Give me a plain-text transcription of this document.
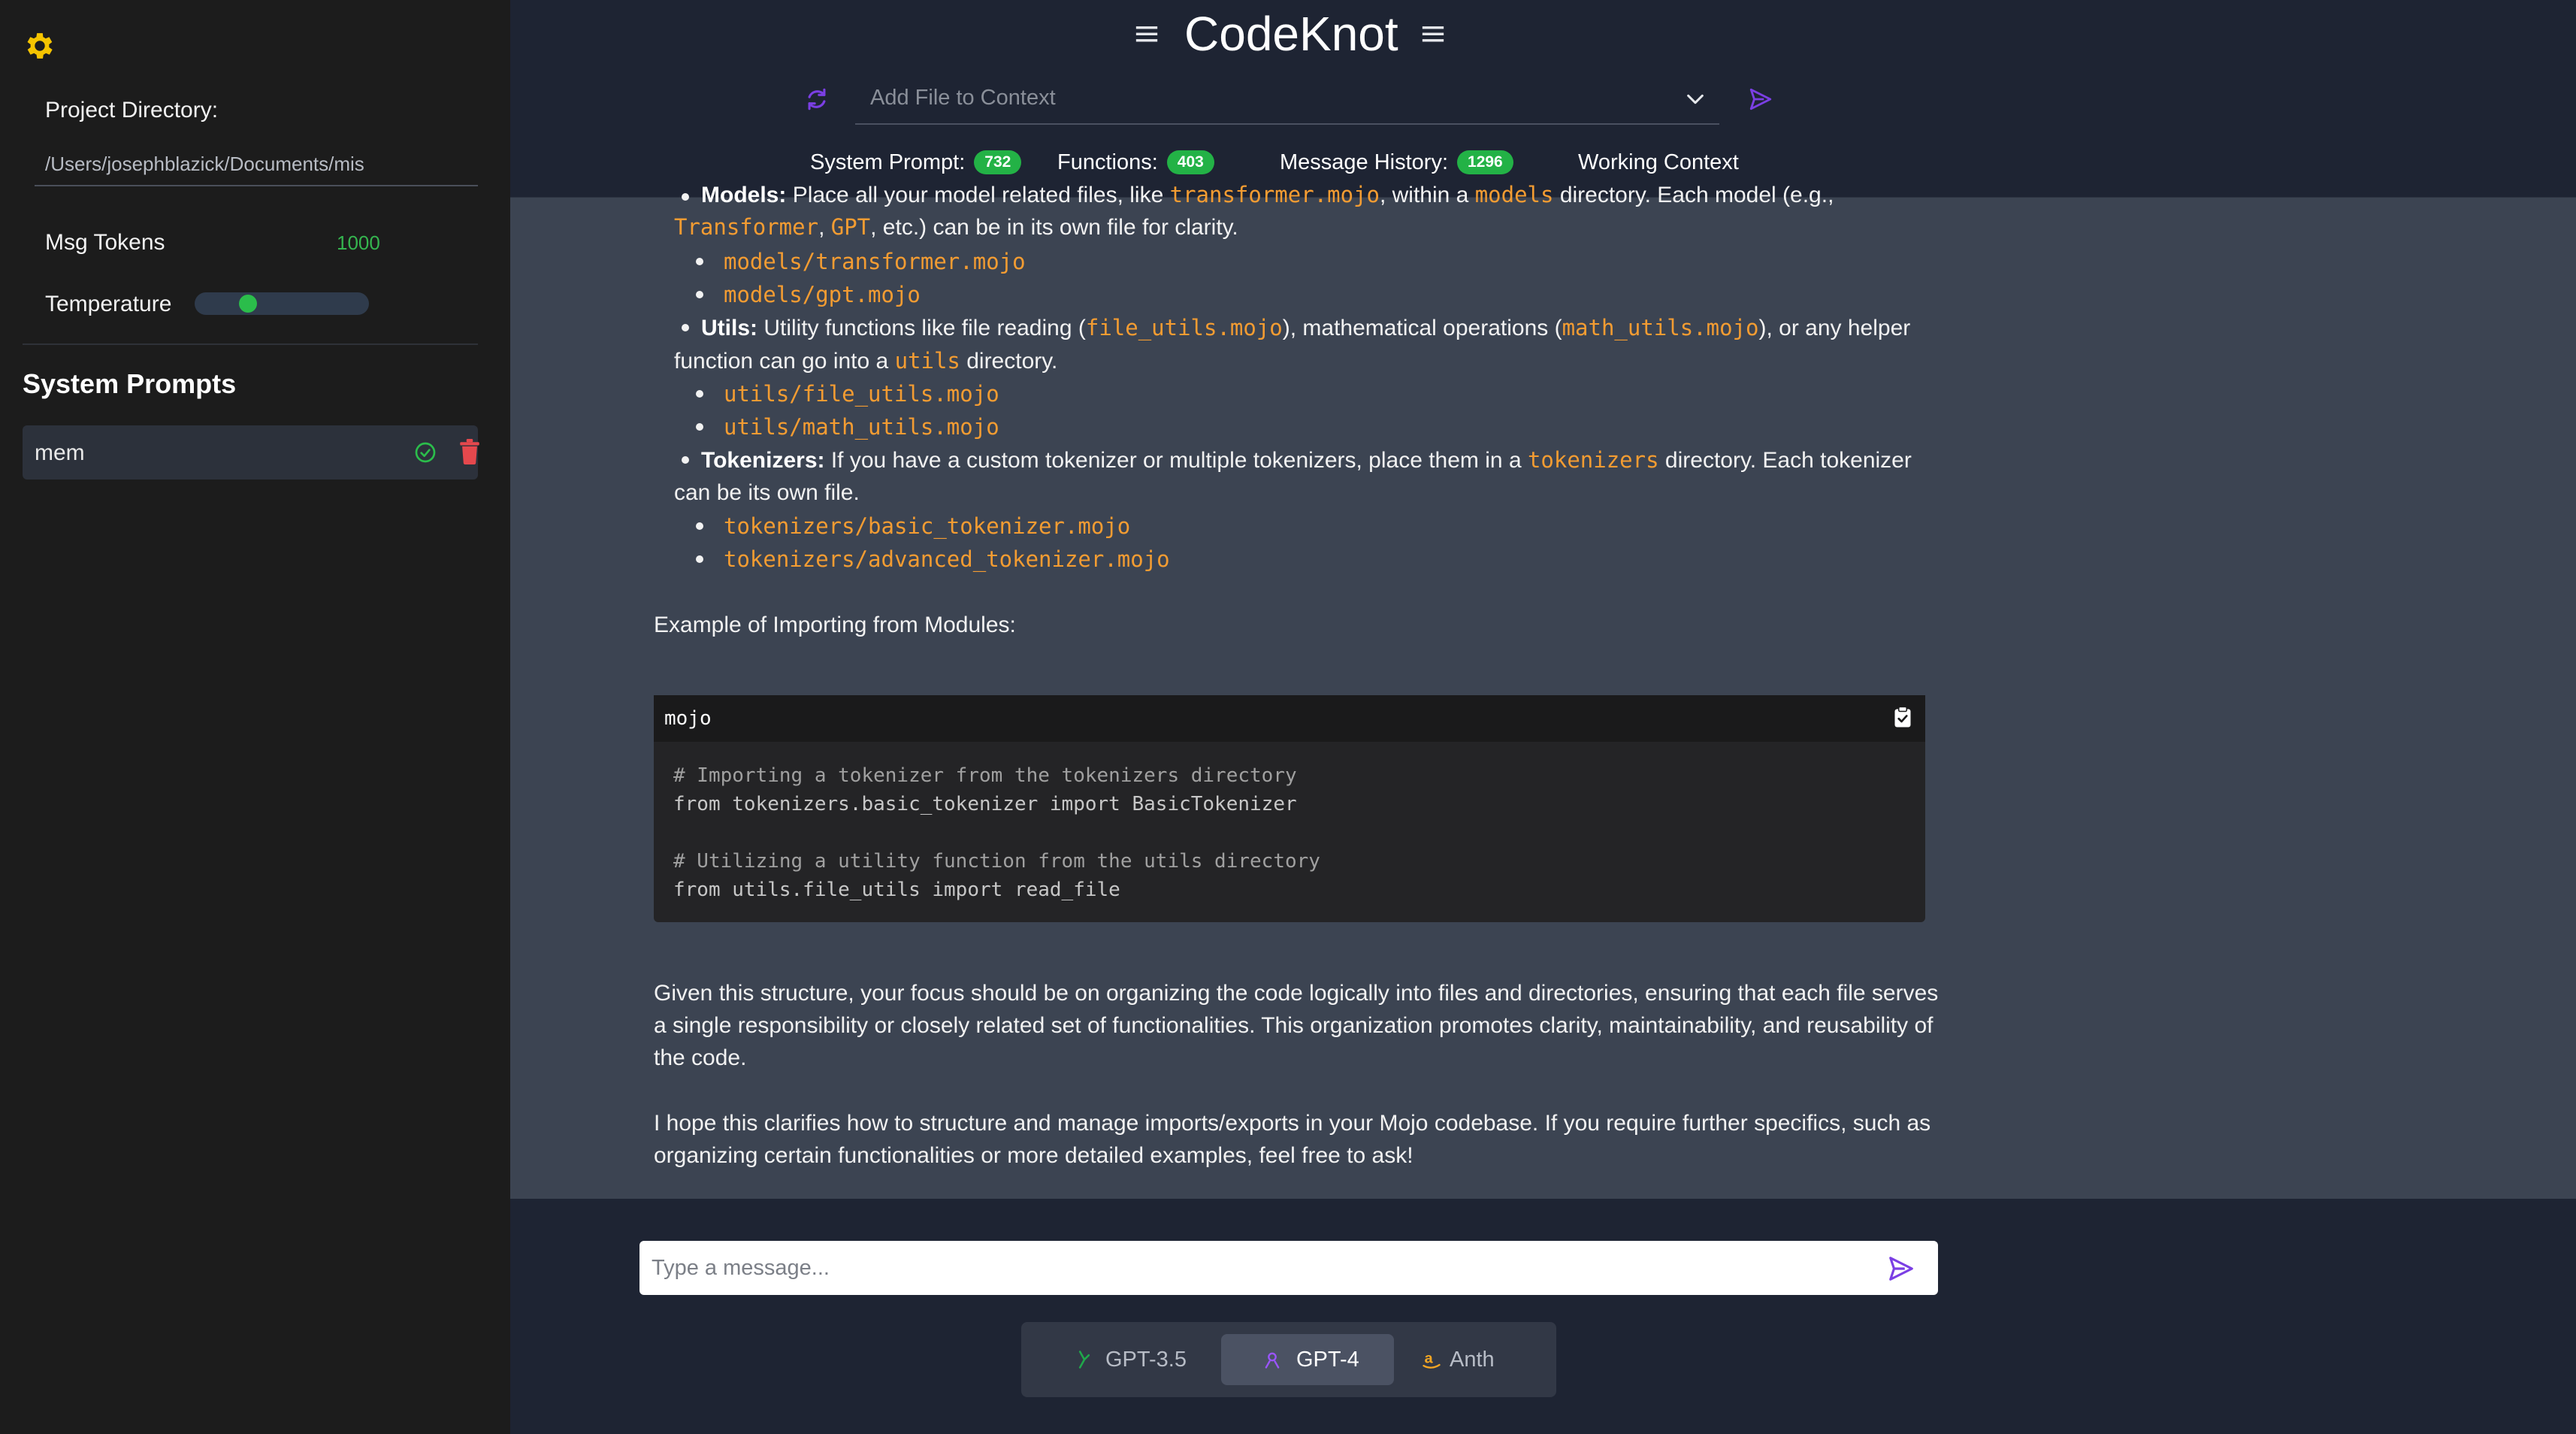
Project Directory:
/Users/josephblazick/Documents/mis
Msg Tokens	1000
Temperature
System Prompts
mem
CodeKnot
Add File to Context
System Prompt: 732	Functions: 403	Message History: 1296	Working Context
Models: Place all your model related files, like transformer.mojo, within a models directory. Each model (e.g.,
Transformer, GPT, etc.) can be in its own file for clarity.
models/transformer.mojo
models/gpt.mojo
Utils: Utility functions like file reading (file_utils.mojo), mathematical operations (math_utils.mojo), or any helper
function can go into a utils directory.
utils/file_utils.mojo
utils/math_utils.mojo
Tokenizers: If you have a custom tokenizer or multiple tokenizers, place them in a tokenizers directory. Each tokenizer
can be its own file.
tokenizers/basic_tokenizer.mojo
tokenizers/advanced_tokenizer.mojo
Example of Importing from Modules:
mojo
# Importing a tokenizer from the tokenizers directory
from tokenizers.basic_tokenizer import BasicTokenizer
# Utilizing a utility function from the utils directory
from utils.file_utils import read_file
Given this structure, your focus should be on organizing the code logically into files and directories, ensuring that each file serves
a single responsibility or closely related set of functionalities. This organization promotes clarity, maintainability, and reusability of
the code.
I hope this clarifies how to structure and manage imports/exports in your Mojo codebase. If you require further specifics, such as
organizing certain functionalities or more detailed examples, feel free to ask!
Type a message...
GPT-3.5	GPT-4	a Anth
